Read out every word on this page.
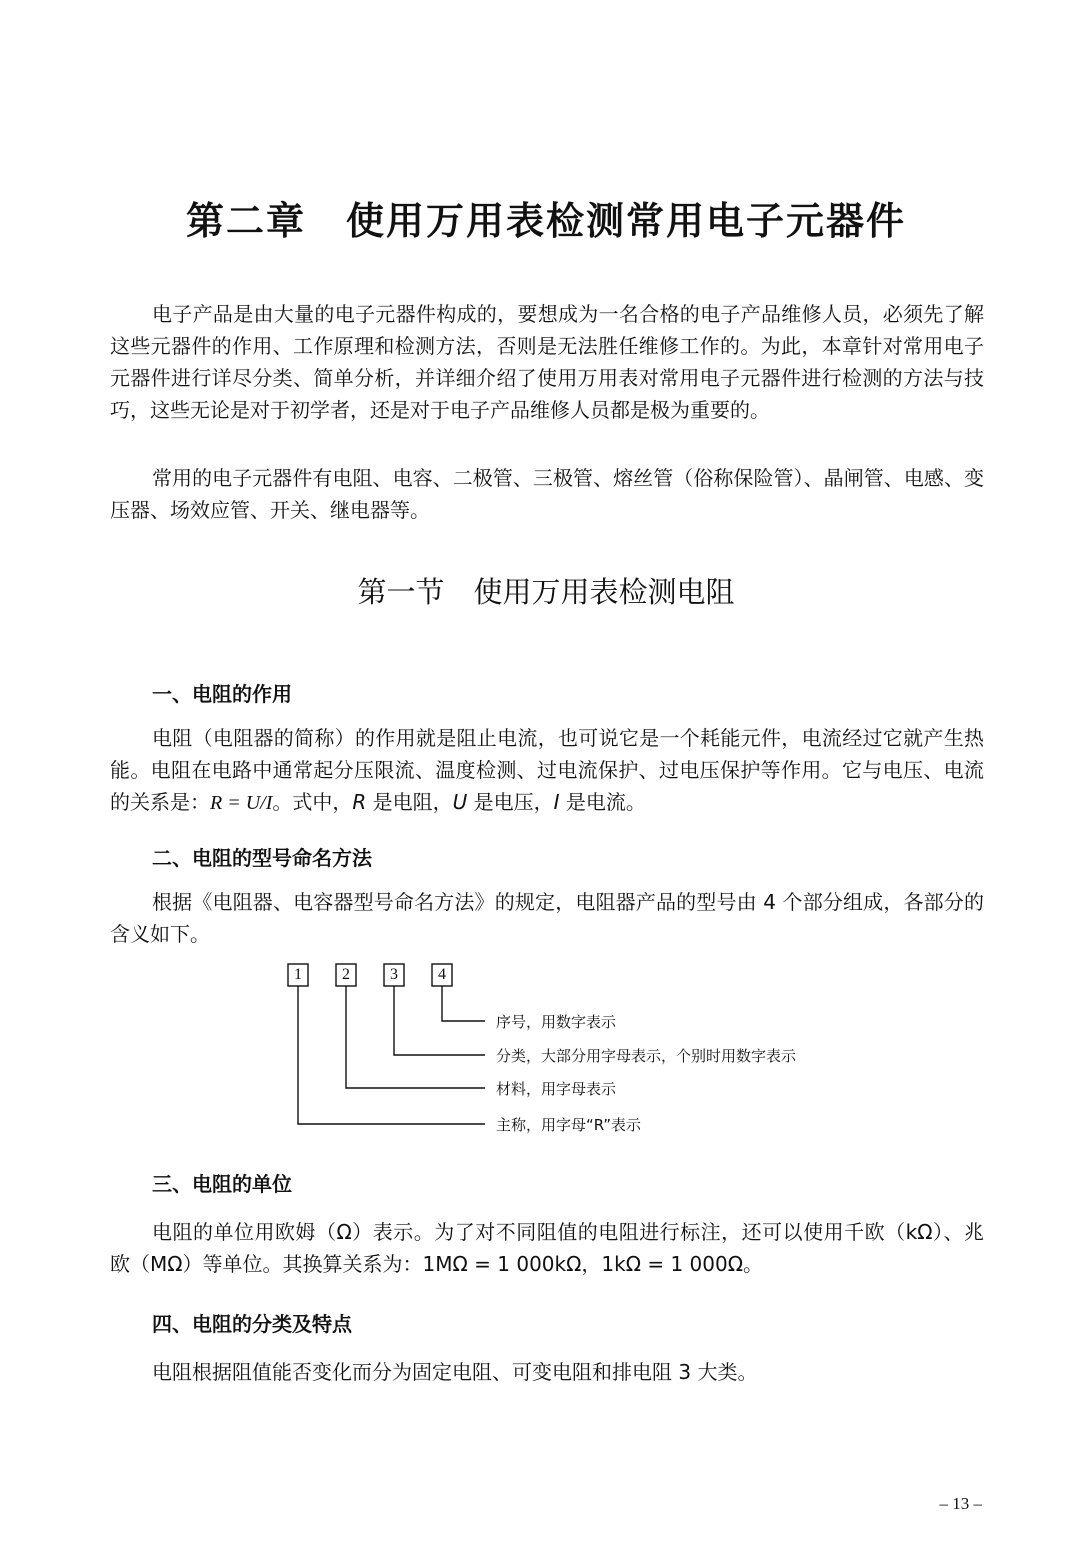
第二章　使用万用表检测常用电子元器件

电子产品是由大量的电子元器件构成的，要想成为一名合格的电子产品维修人员，必须先了解这些元器件的作用、工作原理和检测方法，否则是无法胜任维修工作的。为此，本章针对常用电子元器件进行详尽分类、简单分析，并详细介绍了使用万用表对常用电子元器件进行检测的方法与技巧，这些无论是对于初学者，还是对于电子产品维修人员都是极为重要的。

常用的电子元器件有电阻、电容、二极管、三极管、熔丝管（俗称保险管）、晶闸管、电感、变压器、场效应管、开关、继电器等。

第一节　使用万用表检测电阻
一、电阻的作用

电阻（电阻器的简称）的作用就是阻止电流，也可说它是一个耗能元件，电流经过它就产生热能。电阻在电路中通常起分压限流、温度检测、过电流保护、过电压保护等作用。它与电压、电流的关系是：R = U/I。式中，R 是电阻，U 是电压，I 是电流。

二、电阻的型号命名方法

根据《电阻器、电容器型号命名方法》的规定，电阻器产品的型号由 4 个部分组成，各部分的含义如下。

1	2	3	4
序号，用数字表示
分类，大部分用字母表示，个别时用数字表示
材料，用字母表示
主称，用字母“R”表示
三、电阻的单位

电阻的单位用欧姆（Ω）表示。为了对不同阻值的电阻进行标注，还可以使用千欧（kΩ）、兆欧（MΩ）等单位。其换算关系为：1MΩ = 1 000kΩ，1kΩ = 1 000Ω。

四、电阻的分类及特点

电阻根据阻值能否变化而分为固定电阻、可变电阻和排电阻 3 大类。

– 13 –
